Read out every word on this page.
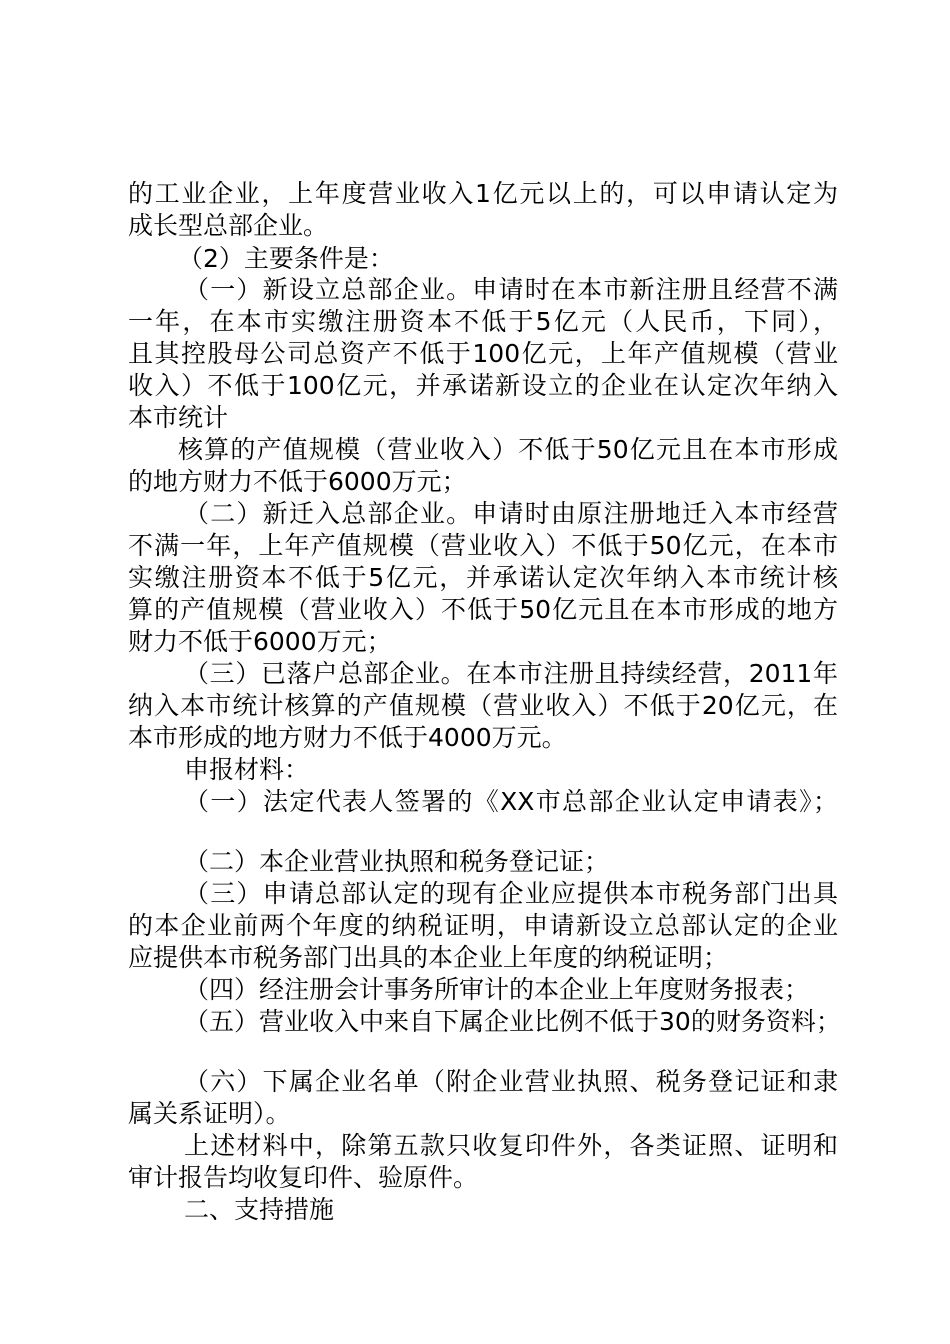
的工业企业，上年度营业收入1亿元以上的，可以申请认定为
成长型总部企业。
（2）主要条件是：
（一）新设立总部企业。申请时在本市新注册且经营不满
一年，在本市实缴注册资本不低于5亿元（人民币，下同），
且其控股母公司总资产不低于100亿元，上年产值规模（营业
收入）不低于100亿元，并承诺新设立的企业在认定次年纳入
本市统计
核算的产值规模（营业收入）不低于50亿元且在本市形成
的地方财力不低于6000万元；
（二）新迁入总部企业。申请时由原注册地迁入本市经营
不满一年，上年产值规模（营业收入）不低于50亿元，在本市
实缴注册资本不低于5亿元，并承诺认定次年纳入本市统计核
算的产值规模（营业收入）不低于50亿元且在本市形成的地方
财力不低于6000万元；
（三）已落户总部企业。在本市注册且持续经营，2011年
纳入本市统计核算的产值规模（营业收入）不低于20亿元，在
本市形成的地方财力不低于4000万元。
申报材料：
（一）法定代表人签署的《XX市总部企业认定申请表》；
（二）本企业营业执照和税务登记证；
（三）申请总部认定的现有企业应提供本市税务部门出具
的本企业前两个年度的纳税证明，申请新设立总部认定的企业
应提供本市税务部门出具的本企业上年度的纳税证明；
（四）经注册会计事务所审计的本企业上年度财务报表；
（五）营业收入中来自下属企业比例不低于30的财务资料；
（六）下属企业名单（附企业营业执照、税务登记证和隶
属关系证明）。
上述材料中，除第五款只收复印件外，各类证照、证明和
审计报告均收复印件、验原件。
二、支持措施
